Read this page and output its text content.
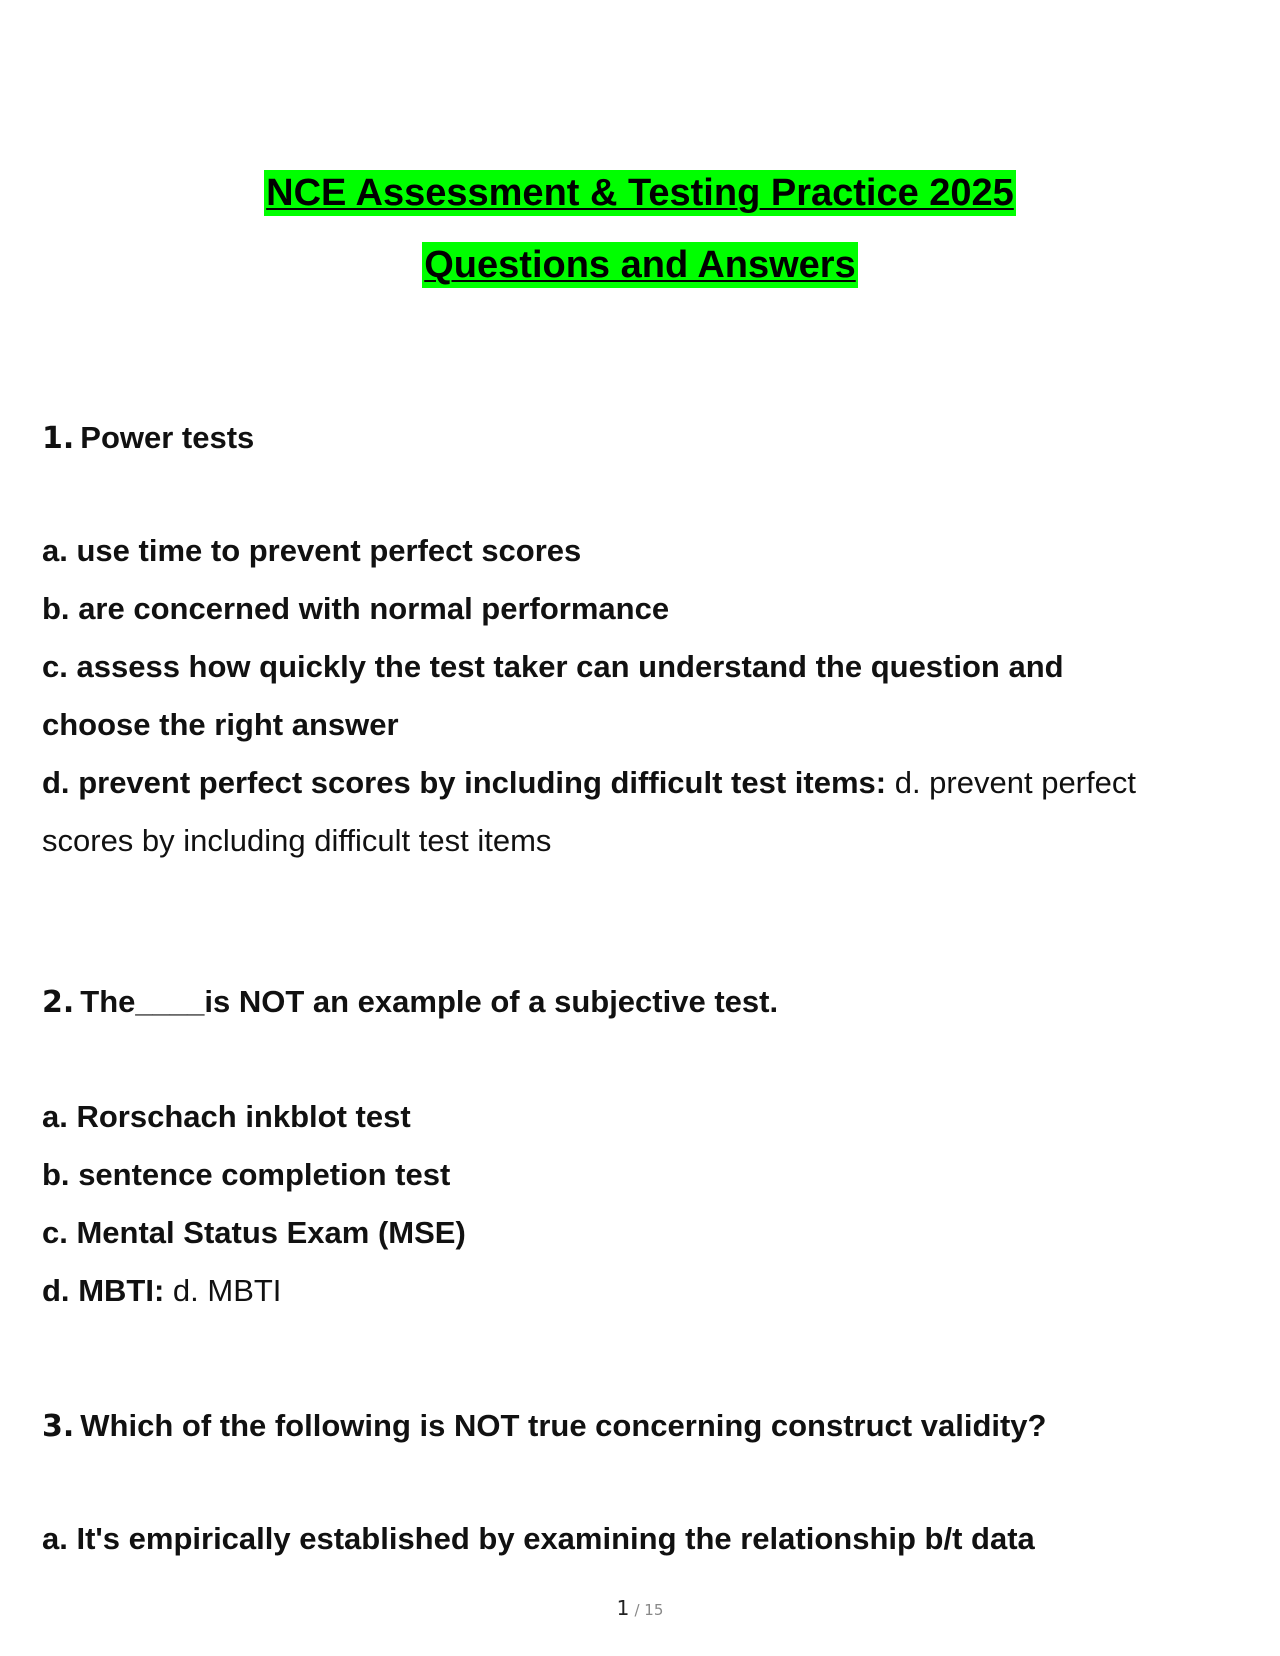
NCE Assessment & Testing Practice 2025
Questions and Answers

1. Power tests

a. use time to prevent perfect scores
b. are concerned with normal performance
c. assess how quickly the test taker can understand the question and choose the right answer
d. prevent perfect scores by including difficult test items: d. prevent perfect scores by including difficult test items

2. The____is NOT an example of a subjective test.

a. Rorschach inkblot test
b. sentence completion test
c. Mental Status Exam (MSE)
d. MBTI: d. MBTI

3. Which of the following is NOT true concerning construct validity?

a. It's empirically established by examining the relationship b/t data
1 / 15
